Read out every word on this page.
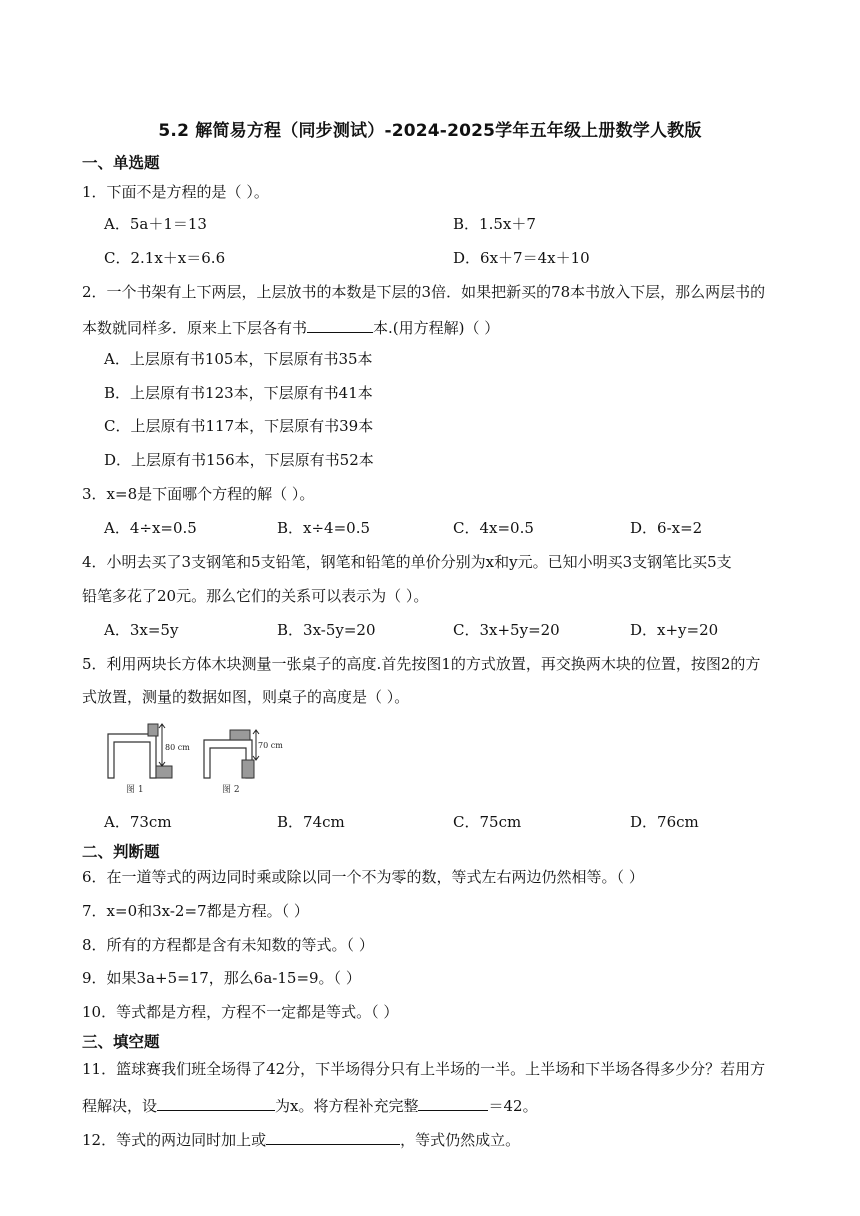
5.2 解简易方程（同步测试）-2024-2025学年五年级上册数学人教版
一、单选题
1．下面不是方程的是（ ）。
A．5a＋1＝13	B．1.5x＋7
C．2.1x＋x＝6.6	D．6x＋7＝4x＋10
2．一个书架有上下两层，上层放书的本数是下层的3倍．如果把新买的78本书放入下层，那么两层书的
本数就同样多．原来上下层各有书	本.(用方程解)（ ）
A．上层原有书105本，下层原有书35本
B．上层原有书123本，下层原有书41本
C．上层原有书117本，下层原有书39本
D．上层原有书156本，下层原有书52本
3．x=8是下面哪个方程的解（ ）。
A．4÷x=0.5	B．x÷4=0.5	C．4x=0.5	D．6-x=2
4．小明去买了3支钢笔和5支铅笔，钢笔和铅笔的单价分别为x和y元。已知小明买3支钢笔比买5支
铅笔多花了20元。那么它们的关系可以表示为（ ）。
A．3x=5y	B．3x-5y=20	C．3x+5y=20	D．x+y=20
5．利用两块长方体木块测量一张桌子的高度.首先按图1的方式放置，再交换两木块的位置，按图2的方
式放置，测量的数据如图，则桌子的高度是（ ）。
80 cm	70 cm
图 1	图 2
A．73cm	B．74cm	C．75cm	D．76cm
二、判断题
6．在一道等式的两边同时乘或除以同一个不为零的数，等式左右两边仍然相等。（ ）
7．x=0和3x-2=7都是方程。（ ）
8．所有的方程都是含有未知数的等式。（ ）
9．如果3a+5=17，那么6a-15=9。（ ）
10．等式都是方程，方程不一定都是等式。（ ）
三、填空题
11．篮球赛我们班全场得了42分，下半场得分只有上半场的一半。上半场和下半场各得多少分？若用方
程解决，设	为x。将方程补充完整	＝42。
12．等式的两边同时加上或	，等式仍然成立。
